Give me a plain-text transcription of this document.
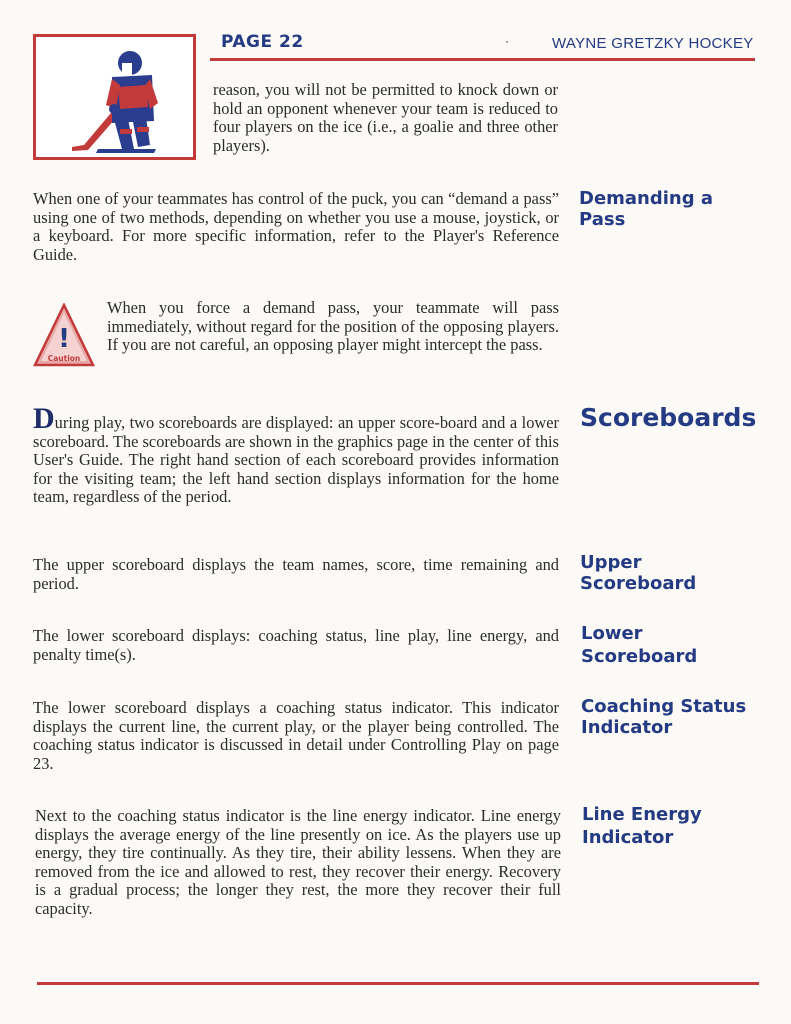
PAGE 22	·	WAYNE GRETZKY HOCKEY
reason, you will not be permitted to knock down or hold an opponent whenever your team is reduced to four players on the ice (i.e., a goalie and three other players).
When one of your teammates has control of the puck, you can “demand a pass” using one of two methods, depending on whether you use a mouse, joystick, or a keyboard. For more specific information, refer to the Player's Reference Guide.
Demanding a Pass
!
Caution
When you force a demand pass, your teammate will pass immediately, without regard for the position of the opposing players. If you are not careful, an opposing player might intercept the pass.
During play, two scoreboards are displayed: an upper score-board and a lower scoreboard. The scoreboards are shown in the graphics page in the center of this User's Guide. The right hand section of each scoreboard provides information for the visiting team; the left hand section displays information for the home team, regardless of the period.
Scoreboards
The upper scoreboard displays the team names, score, time remaining and period.
Upper Scoreboard
The lower scoreboard displays: coaching status, line play, line energy, and penalty time(s).
Lower Scoreboard
The lower scoreboard displays a coaching status indicator. This indicator displays the current line, the current play, or the player being controlled. The coaching status indicator is discussed in detail under Controlling Play on page 23.
Coaching Status Indicator
Next to the coaching status indicator is the line energy indicator. Line energy displays the average energy of the line presently on ice. As the players use up energy, they tire continually. As they tire, their ability lessens. When they are removed from the ice and allowed to rest, they recover their energy. Recovery is a gradual process; the longer they rest, the more they recover their full capacity.
Line Energy Indicator
